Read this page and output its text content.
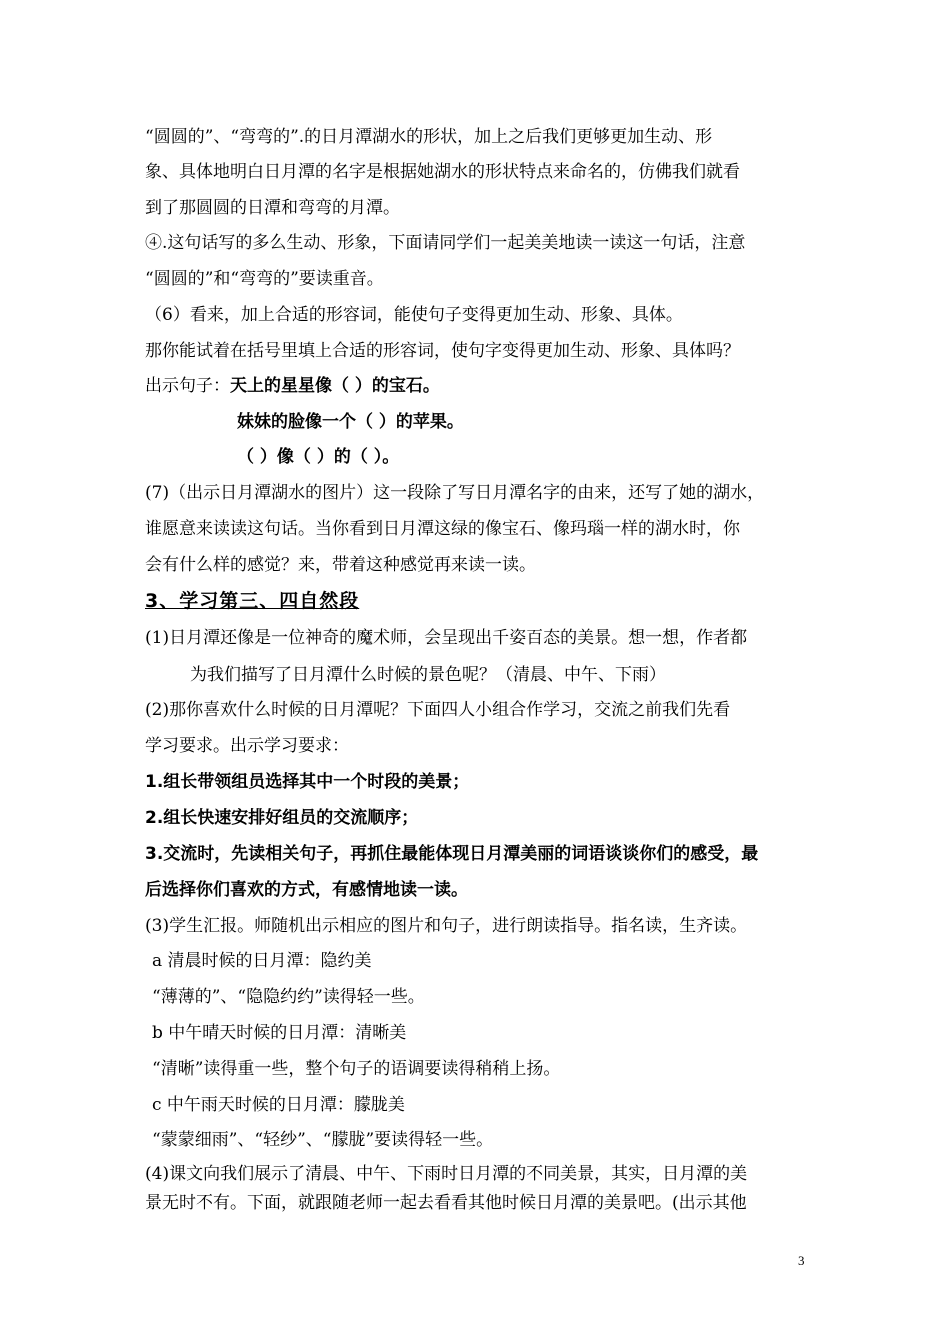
“圆圆的”、“弯弯的”.的日月潭湖水的形状，加上之后我们更够更加生动、形
象、具体地明白日月潭的名字是根据她湖水的形状特点来命名的，仿佛我们就看
到了那圆圆的日潭和弯弯的月潭。
④.这句话写的多么生动、形象，下面请同学们一起美美地读一读这一句话，注意
“圆圆的”和“弯弯的”要读重音。
（6）看来，加上合适的形容词，能使句子变得更加生动、形象、具体。
那你能试着在括号里填上合适的形容词，使句字变得更加生动、形象、具体吗？
出示句子：天上的星星像（ ）的宝石。
妹妹的脸像一个（ ）的苹果。
（ ）像（ ）的（ ）。
(7)（出示日月潭湖水的图片）这一段除了写日月潭名字的由来，还写了她的湖水，
谁愿意来读读这句话。当你看到日月潭这绿的像宝石、像玛瑙一样的湖水时，你
会有什么样的感觉？来，带着这种感觉再来读一读。
3、学习第三、四自然段
(1)日月潭还像是一位神奇的魔术师，会呈现出千姿百态的美景。想一想，作者都
为我们描写了日月潭什么时候的景色呢？（清晨、中午、下雨）
(2)那你喜欢什么时候的日月潭呢？下面四人小组合作学习，交流之前我们先看
学习要求。出示学习要求：
1.组长带领组员选择其中一个时段的美景；
2.组长快速安排好组员的交流顺序；
3.交流时，先读相关句子，再抓住最能体现日月潭美丽的词语谈谈你们的感受，最
后选择你们喜欢的方式，有感情地读一读。
(3)学生汇报。师随机出示相应的图片和句子，进行朗读指导。指名读，生齐读。
a 清晨时候的日月潭：隐约美
“薄薄的”、“隐隐约约”读得轻一些。
b 中午晴天时候的日月潭：清晰美
“清晰”读得重一些，整个句子的语调要读得稍稍上扬。
c 中午雨天时候的日月潭：朦胧美
“蒙蒙细雨”、“轻纱”、“朦胧”要读得轻一些。
(4)课文向我们展示了清晨、中午、下雨时日月潭的不同美景，其实，日月潭的美
景无时不有。下面，就跟随老师一起去看看其他时候日月潭的美景吧。(出示其他
3
